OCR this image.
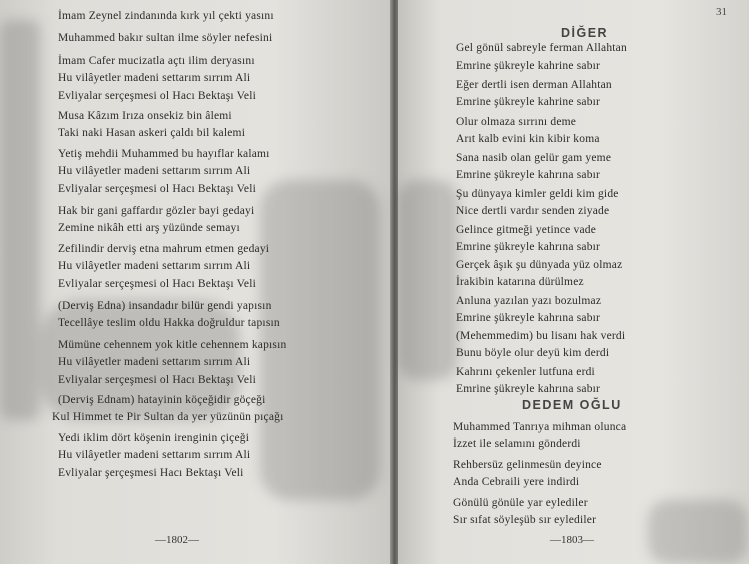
İmam Zeynel zindanında kırk yıl çekti yasını
Muhammed bakır sultan ilme söyler nefesini
İmam Cafer mucizatla açtı ilim deryasını
Hu vilâyetler madeni settarım sırrım Ali
Evliyalar serçeşmesi ol Hacı Bektaşı Veli
Musa Kâzım Irıza onsekiz bin âlemi
Taki naki Hasan askeri çaldı bil kalemi
Yetiş mehdii Muhammed bu hayıflar kalamı
Hu vilâyetler madeni settarım sırrım Ali
Evliyalar serçeşmesi ol Hacı Bektaşı Veli
Hak bir gani gaffardır gözler bayi gedayi
Zemine nikâh etti arş yüzünde semayı
Zefilindir derviş etna mahrum etmen gedayi
Hu vilâyetler madeni settarım sırrım Ali
Evliyalar serçeşmesi ol Hacı Bektaşı Veli
(Derviş Edna) insandadır bilür gendi yapısın
Tecellâye teslim oldu Hakka doğruldur tapısın
Mümüne cehennem yok kitle cehennem kapısın
Hu vilâyetler madeni settarım sırrım Ali
Evliyalar serçeşmesi ol Hacı Bektaşı Veli
(Derviş Ednam) hatayinin köçeğidir göçeği
Kul Himmet te Pir Sultan da yer yüzünün pıçağı
Yedi iklim dört köşenin irenginin çiçeği
Hu vilâyetler madeni settarım sırrım Ali
Evliyalar şerçeşmesi Hacı Bektaşı Veli
—1802—
31
DİĞER
Gel gönül sabreyle ferman Allahtan
Emrine şükreyle kahrine sabır
Eğer dertli isen derman Allahtan
Emrine şükreyle kahrine sabır
Olur olmaza sırrını deme
Arıt kalb evini kin kibir koma
Sana nasib olan gelür gam yeme
Emrine şükreyle kahrına sabır
Şu dünyaya kimler geldi kim gide
Nice dertli vardır senden ziyade
Gelince gitmeği yetince vade
Emrine şükreyle kahrına sabır
Gerçek âşık şu dünyada yüz olmaz
İrakibin katarına dürülmez
Anluna yazılan yazı bozulmaz
Emrine şükreyle kahrına sabır
(Mehemmedim) bu lisanı hak verdi
Bunu böyle olur deyü kim derdi
Kahrını çekenler lutfuna erdi
Emrine şükreyle kahrına sabır
DEDEM OĞLU
Muhammed Tanrıya mihman olunca
İzzet ile selamını gönderdi
Rehbersüz gelinmesün deyince
Anda Cebraili yere indirdi
Gönülü gönüle yar eylediler
Sır sıfat söyleşüb sır eylediler
—1803—
